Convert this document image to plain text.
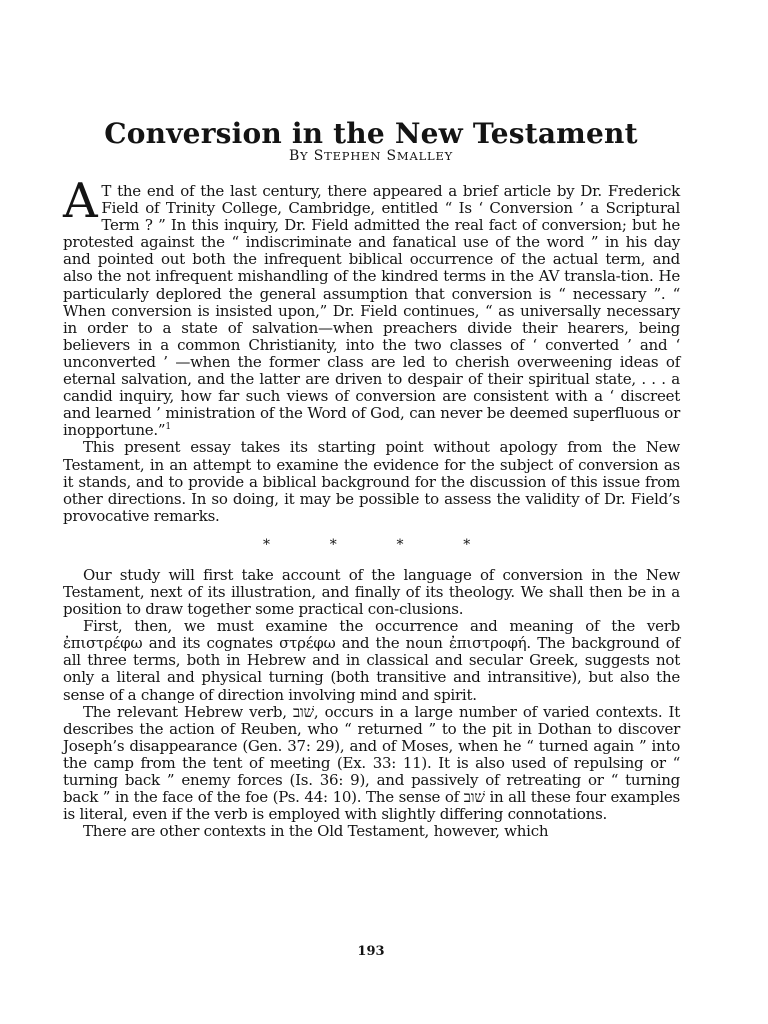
Conversion in the New Testament
BY STEPHEN SMALLEY

A T the end of the last century, there appeared a brief article by Dr. Frederick Field of Trinity College, Cambridge, entitled “ Is ‘ Conversion ’ a Scriptural Term ? ” In this inquiry, Dr. Field admitted the real fact of conversion; but he protested against the “ indiscriminate and fanatical use of the word ” in his day and pointed out both the infrequent biblical occurrence of the actual term, and also the not infrequent mishandling of the kindred terms in the AV transla-tion. He particularly deplored the general assumption that conversion is “ necessary ”. “ When conversion is insisted upon,” Dr. Field continues, “ as universally necessary in order to a state of salvation—when preachers divide their hearers, being believers in a common Christianity, into the two classes of ‘ converted ’ and ‘ unconverted ’ —when the former class are led to cherish overweening ideas of eternal salvation, and the latter are driven to despair of their spiritual state, . . . a candid inquiry, how far such views of conversion are consistent with a ‘ discreet and learned ’ ministration of the Word of God, can never be deemed superfluous or inopportune.”$^1$

This present essay takes its starting point without apology from the New Testament, in an attempt to examine the evidence for the subject of conversion as it stands, and to provide a biblical background for the discussion of this issue from other directions. In so doing, it may be possible to assess the validity of Dr. Field’s provocative remarks.

*	*	*	*

Our study will first take account of the language of conversion in the New Testament, next of its illustration, and finally of its theology. We shall then be in a position to draw together some practical con-clusions.

First, then, we must examine the occurrence and meaning of the verb ἐπιστρέφω and its cognates στρέφω and the noun ἐπιστροφή. The background of all three terms, both in Hebrew and in classical and secular Greek, suggests not only a literal and physical turning (both transitive and intransitive), but also the sense of a change of direction involving mind and spirit.

The relevant Hebrew verb, שׁוב, occurs in a large number of varied contexts. It describes the action of Reuben, who “ returned ” to the pit in Dothan to discover Joseph’s disappearance (Gen. 37: 29), and of Moses, when he “ turned again ” into the camp from the tent of meeting (Ex. 33: 11). It is also used of repulsing or “ turning back ” enemy forces (Is. 36: 9), and passively of retreating or “ turning back ” in the face of the foe (Ps. 44: 10). The sense of שׁוב in all these four examples is literal, even if the verb is employed with slightly differing connotations.

There are other contexts in the Old Testament, however, which

193
